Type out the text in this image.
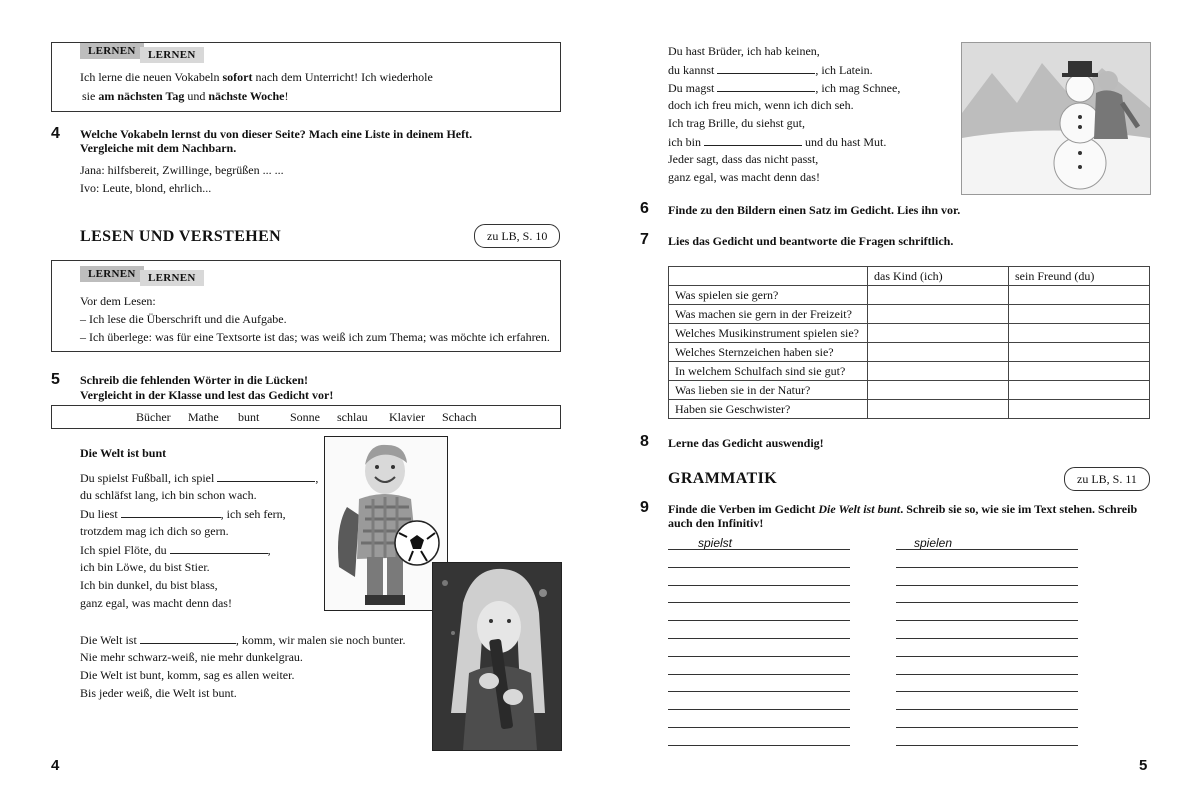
LERNEN	LERNEN
Ich lerne die neuen Vokabeln sofort nach dem Unterricht! Ich wiederhole
sie am nächsten Tag und nächste Woche!
4 Welche Vokabeln lernst du von dieser Seite? Mach eine Liste in deinem Heft.
Vergleiche mit dem Nachbarn.
Jana: hilfsbereit, Zwillinge, begrüßen ... ...
Ivo: Leute, blond, ehrlich...
LESEN UND VERSTEHEN	zu LB, S. 10
LERNEN	LERNEN
Vor dem Lesen:
– Ich lese die Überschrift und die Aufgabe.
– Ich überlege: was für eine Textsorte ist das; was weiß ich zum Thema; was möchte ich erfahren.
5 Schreib die fehlenden Wörter in die Lücken!
Vergleicht in der Klasse und lest das Gedicht vor!
Bücher Mathe bunt	Sonne schlau Klavier Schach
Die Welt ist bunt
Du spielst Fußball, ich spiel	,
du schläfst lang, ich bin schon wach.
Du liest	, ich seh fern,
trotzdem mag ich dich so gern.
Ich spiel Flöte, du	,
ich bin Löwe, du bist Stier.
Ich bin dunkel, du bist blass,
ganz egal, was macht denn das!
Die Welt ist	, komm, wir malen sie noch bunter.
Nie mehr schwarz-weiß, nie mehr dunkelgrau.
Die Welt ist bunt, komm, sag es allen weiter.
Bis jeder weiß, die Welt ist bunt.
4
Du hast Brüder, ich hab keinen,
du kannst	, ich Latein.
Du magst	, ich mag Schnee,
doch ich freu mich, wenn ich dich seh.
Ich trag Brille, du siehst gut,
ich bin	und du hast Mut.
Jeder sagt, dass das nicht passt,
ganz egal, was macht denn das!
6 Finde zu den Bildern einen Satz im Gedicht. Lies ihn vor.
7 Lies das Gedicht und beantworte die Fragen schriftlich.
	das Kind (ich)	sein Freund (du)
Was spielen sie gern?		
Was machen sie gern in der Freizeit?		
Welches Musikinstrument spielen sie?		
Welches Sternzeichen haben sie?		
In welchem Schulfach sind sie gut?		
Was lieben sie in der Natur?		
Haben sie Geschwister?		
8 Lerne das Gedicht auswendig!
GRAMMATIK	zu LB, S. 11
9 Finde die Verben im Gedicht Die Welt ist bunt. Schreib sie so, wie sie im Text stehen. Schreib
auch den Infinitiv!
spielst	spielen
5
